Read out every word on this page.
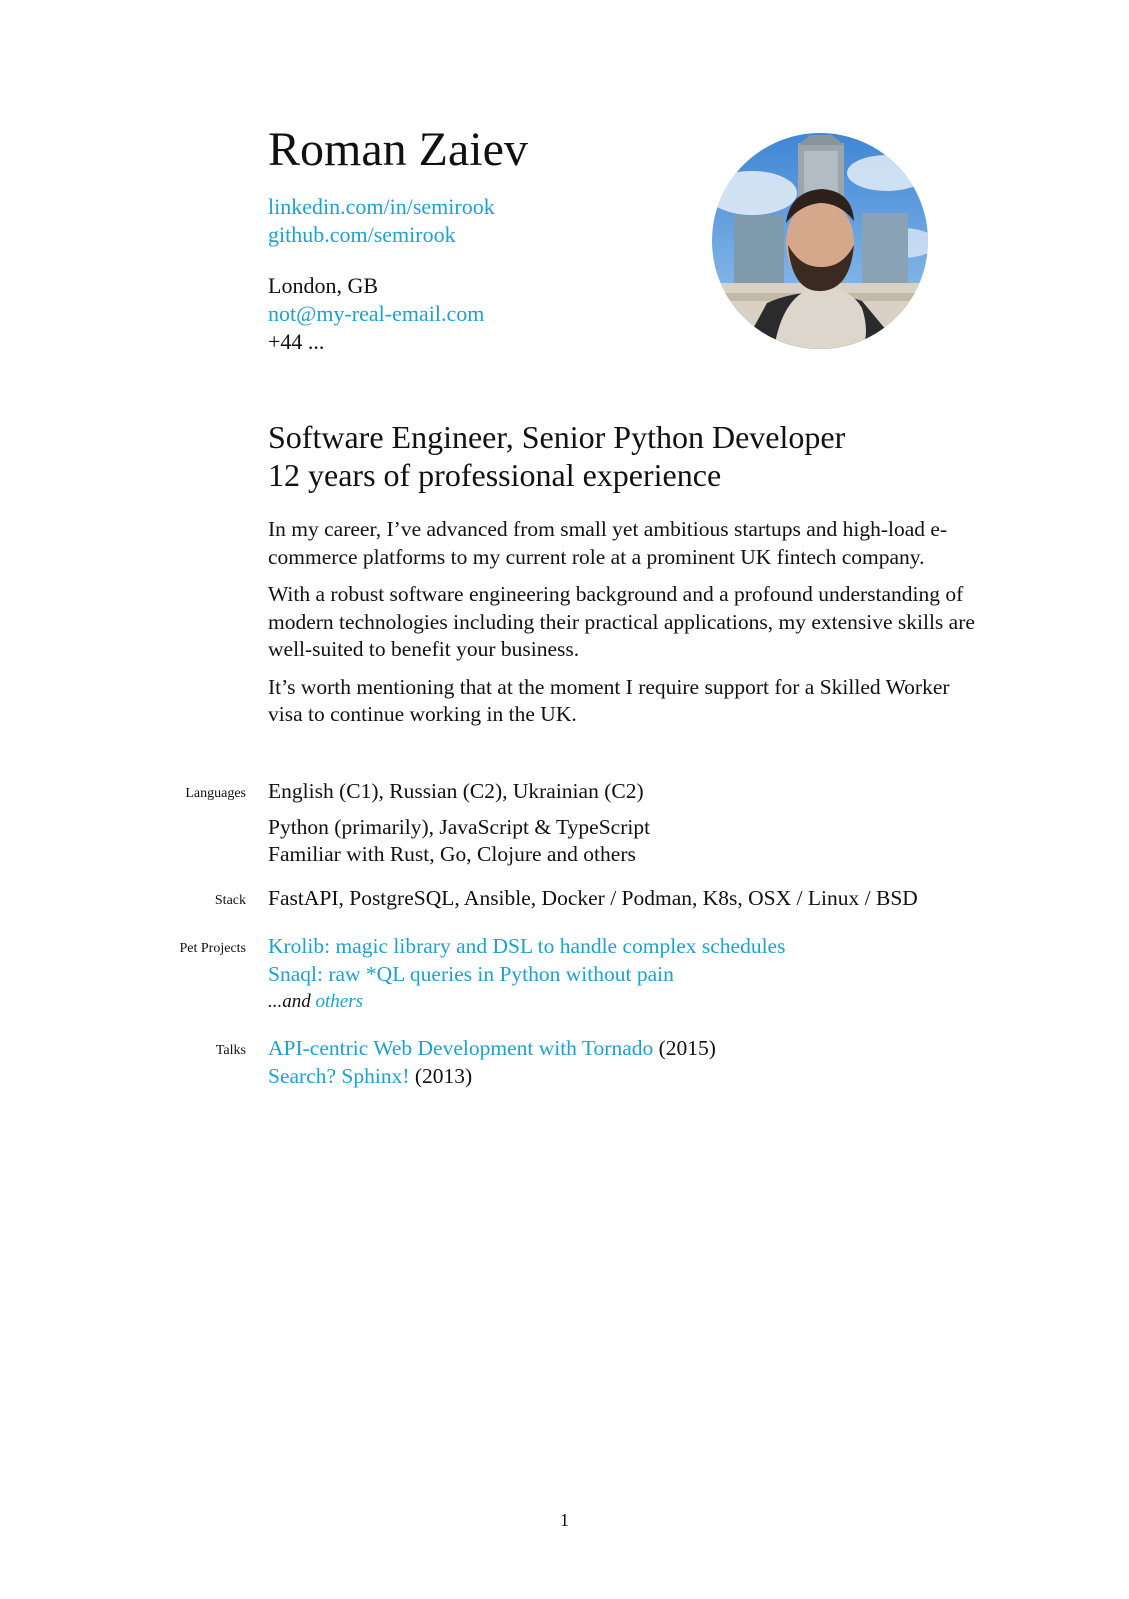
Roman Zaiev
linkedin.com/in/semirook
github.com/semirook
London, GB
not@my-real-email.com
+44 ...
Software Engineer, Senior Python Developer
12 years of professional experience

In my career, I’ve advanced from small yet ambitious startups and high-load e-commerce platforms to my current role at a prominent UK fintech company.

With a robust software engineering background and a profound understanding of modern technologies including their practical applications, my extensive skills are well-suited to benefit your business.

It’s worth mentioning that at the moment I require support for a Skilled Worker visa to continue working in the UK.

Languages English (C1), Russian (C2), Ukrainian (C2)
Python (primarily), JavaScript & TypeScript
Familiar with Rust, Go, Clojure and others
Stack FastAPI, PostgreSQL, Ansible, Docker / Podman, K8s, OSX / Linux / BSD
Pet Projects Krolib: magic library and DSL to handle complex schedules
Snaql: raw *QL queries in Python without pain
...and others
Talks API-centric Web Development with Tornado (2015)
Search? Sphinx! (2013)
1
